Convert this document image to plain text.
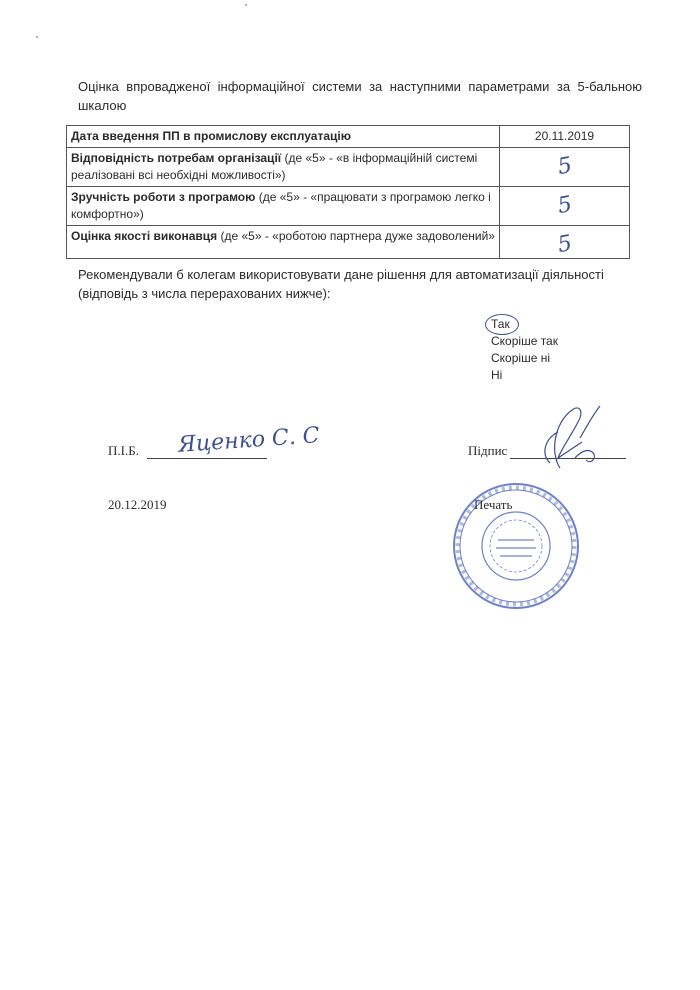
Оцінка впровадженої інформаційної системи за наступними параметрами за 5-бальною шкалою
Дата введення ПП в промислову експлуатацію	20.11.2019
Відповідність потребам організації (де «5» - «в інформаційній системі реалізовані всі необхідні можливості»)	5
Зручність роботи з програмою (де «5» - «працювати з програмою легко і комфортно»)	5
Оцінка якості виконавця (де «5» - «роботою партнера дуже задоволений»	5
Рекомендували б колегам використовувати дане рішення для автоматизації діяльності (відповідь з числа перерахованих нижче):
Так
Скоріше так
Скоріше ні
Ні
П.І.Б. Яценко С. С	Підпис
20.12.2019	Печать
